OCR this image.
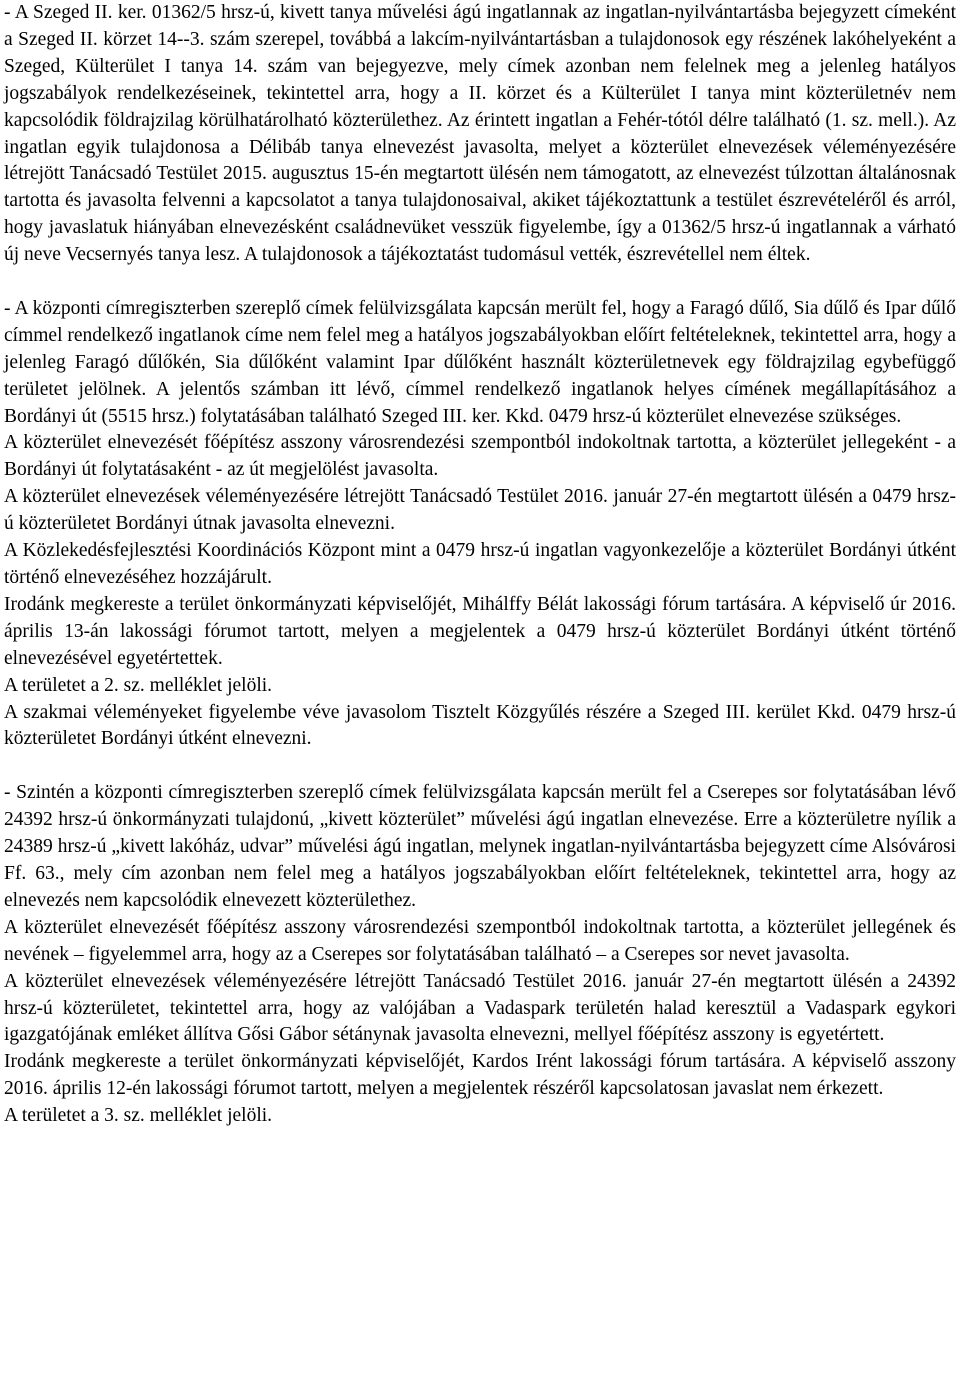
- A Szeged II. ker. 01362/5 hrsz-ú, kivett tanya művelési ágú ingatlannak az ingatlan-nyilvántartásba bejegyzett címeként a Szeged II. körzet 14--3. szám szerepel, továbbá a lakcím-nyilvántartásban a tulajdonosok egy részének lakóhelyeként a Szeged, Külterület I tanya 14. szám van bejegyezve, mely címek azonban nem felelnek meg a jelenleg hatályos jogszabályok rendelkezéseinek, tekintettel arra, hogy a II. körzet és a Külterület I tanya mint közterületnév nem kapcsolódik földrajzilag körülhatárolható közterülethez. Az érintett ingatlan a Fehér-tótól délre található (1. sz. mell.). Az ingatlan egyik tulajdonosa a Délibáb tanya elnevezést javasolta, melyet a közterület elnevezések véleményezésére létrejött Tanácsadó Testület 2015. augusztus 15-én megtartott ülésén nem támogatott, az elnevezést túlzottan általánosnak tartotta és javasolta felvenni a kapcsolatot a tanya tulajdonosaival, akiket tájékoztattunk a testület észrevételéről és arról, hogy javaslatuk hiányában elnevezésként családnevüket vesszük figyelembe, így a 01362/5 hrsz-ú ingatlannak a várható új neve Vecsernyés tanya lesz. A tulajdonosok a tájékoztatást tudomásul vették, észrevétellel nem éltek.

- A központi címregiszterben szereplő címek felülvizsgálata kapcsán merült fel, hogy a Faragó dűlő, Sia dűlő és Ipar dűlő címmel rendelkező ingatlanok címe nem felel meg a hatályos jogszabályokban előírt feltételeknek, tekintettel arra, hogy a jelenleg Faragó dűlőkén, Sia dűlőként valamint Ipar dűlőként használt közterületnevek egy földrajzilag egybefüggő területet jelölnek. A jelentős számban itt lévő, címmel rendelkező ingatlanok helyes címének megállapításához a Bordányi út (5515 hrsz.) folytatásában található Szeged III. ker. Kkd. 0479 hrsz-ú közterület elnevezése szükséges.

A közterület elnevezését főépítész asszony városrendezési szempontból indokoltnak tartotta, a közterület jellegeként - a Bordányi út folytatásaként - az út megjelölést javasolta.

A közterület elnevezések véleményezésére létrejött Tanácsadó Testület 2016. január 27-én megtartott ülésén a 0479 hrsz-ú közterületet Bordányi útnak javasolta elnevezni.

A Közlekedésfejlesztési Koordinációs Központ mint a 0479 hrsz-ú ingatlan vagyonkezelője a közterület Bordányi útként történő elnevezéséhez hozzájárult.

Irodánk megkereste a terület önkormányzati képviselőjét, Mihálffy Bélát lakossági fórum tartására. A képviselő úr 2016. április 13-án lakossági fórumot tartott, melyen a megjelentek a 0479 hrsz-ú közterület Bordányi útként történő elnevezésével egyetértettek.

A területet a 2. sz. melléklet jelöli.

A szakmai véleményeket figyelembe véve javasolom Tisztelt Közgyűlés részére a Szeged III. kerület Kkd. 0479 hrsz-ú közterületet Bordányi útként elnevezni.

- Szintén a központi címregiszterben szereplő címek felülvizsgálata kapcsán merült fel a Cserepes sor folytatásában lévő 24392 hrsz-ú önkormányzati tulajdonú, „kivett közterület” művelési ágú ingatlan elnevezése. Erre a közterületre nyílik a 24389 hrsz-ú „kivett lakóház, udvar” művelési ágú ingatlan, melynek ingatlan-nyilvántartásba bejegyzett címe Alsóvárosi Ff. 63., mely cím azonban nem felel meg a hatályos jogszabályokban előírt feltételeknek, tekintettel arra, hogy az elnevezés nem kapcsolódik elnevezett közterülethez.

A közterület elnevezését főépítész asszony városrendezési szempontból indokoltnak tartotta, a közterület jellegének és nevének – figyelemmel arra, hogy az a Cserepes sor folytatásában található – a Cserepes sor nevet javasolta.

A közterület elnevezések véleményezésére létrejött Tanácsadó Testület 2016. január 27-én megtartott ülésén a 24392 hrsz-ú közterületet, tekintettel arra, hogy az valójában a Vadaspark területén halad keresztül a Vadaspark egykori igazgatójának emléket állítva Gősi Gábor sétánynak javasolta elnevezni, mellyel főépítész asszony is egyetértett.

Irodánk megkereste a terület önkormányzati képviselőjét, Kardos Irént lakossági fórum tartására. A képviselő asszony 2016. április 12-én lakossági fórumot tartott, melyen a megjelentek részéről kapcsolatosan javaslat nem érkezett.

A területet a 3. sz. melléklet jelöli.
